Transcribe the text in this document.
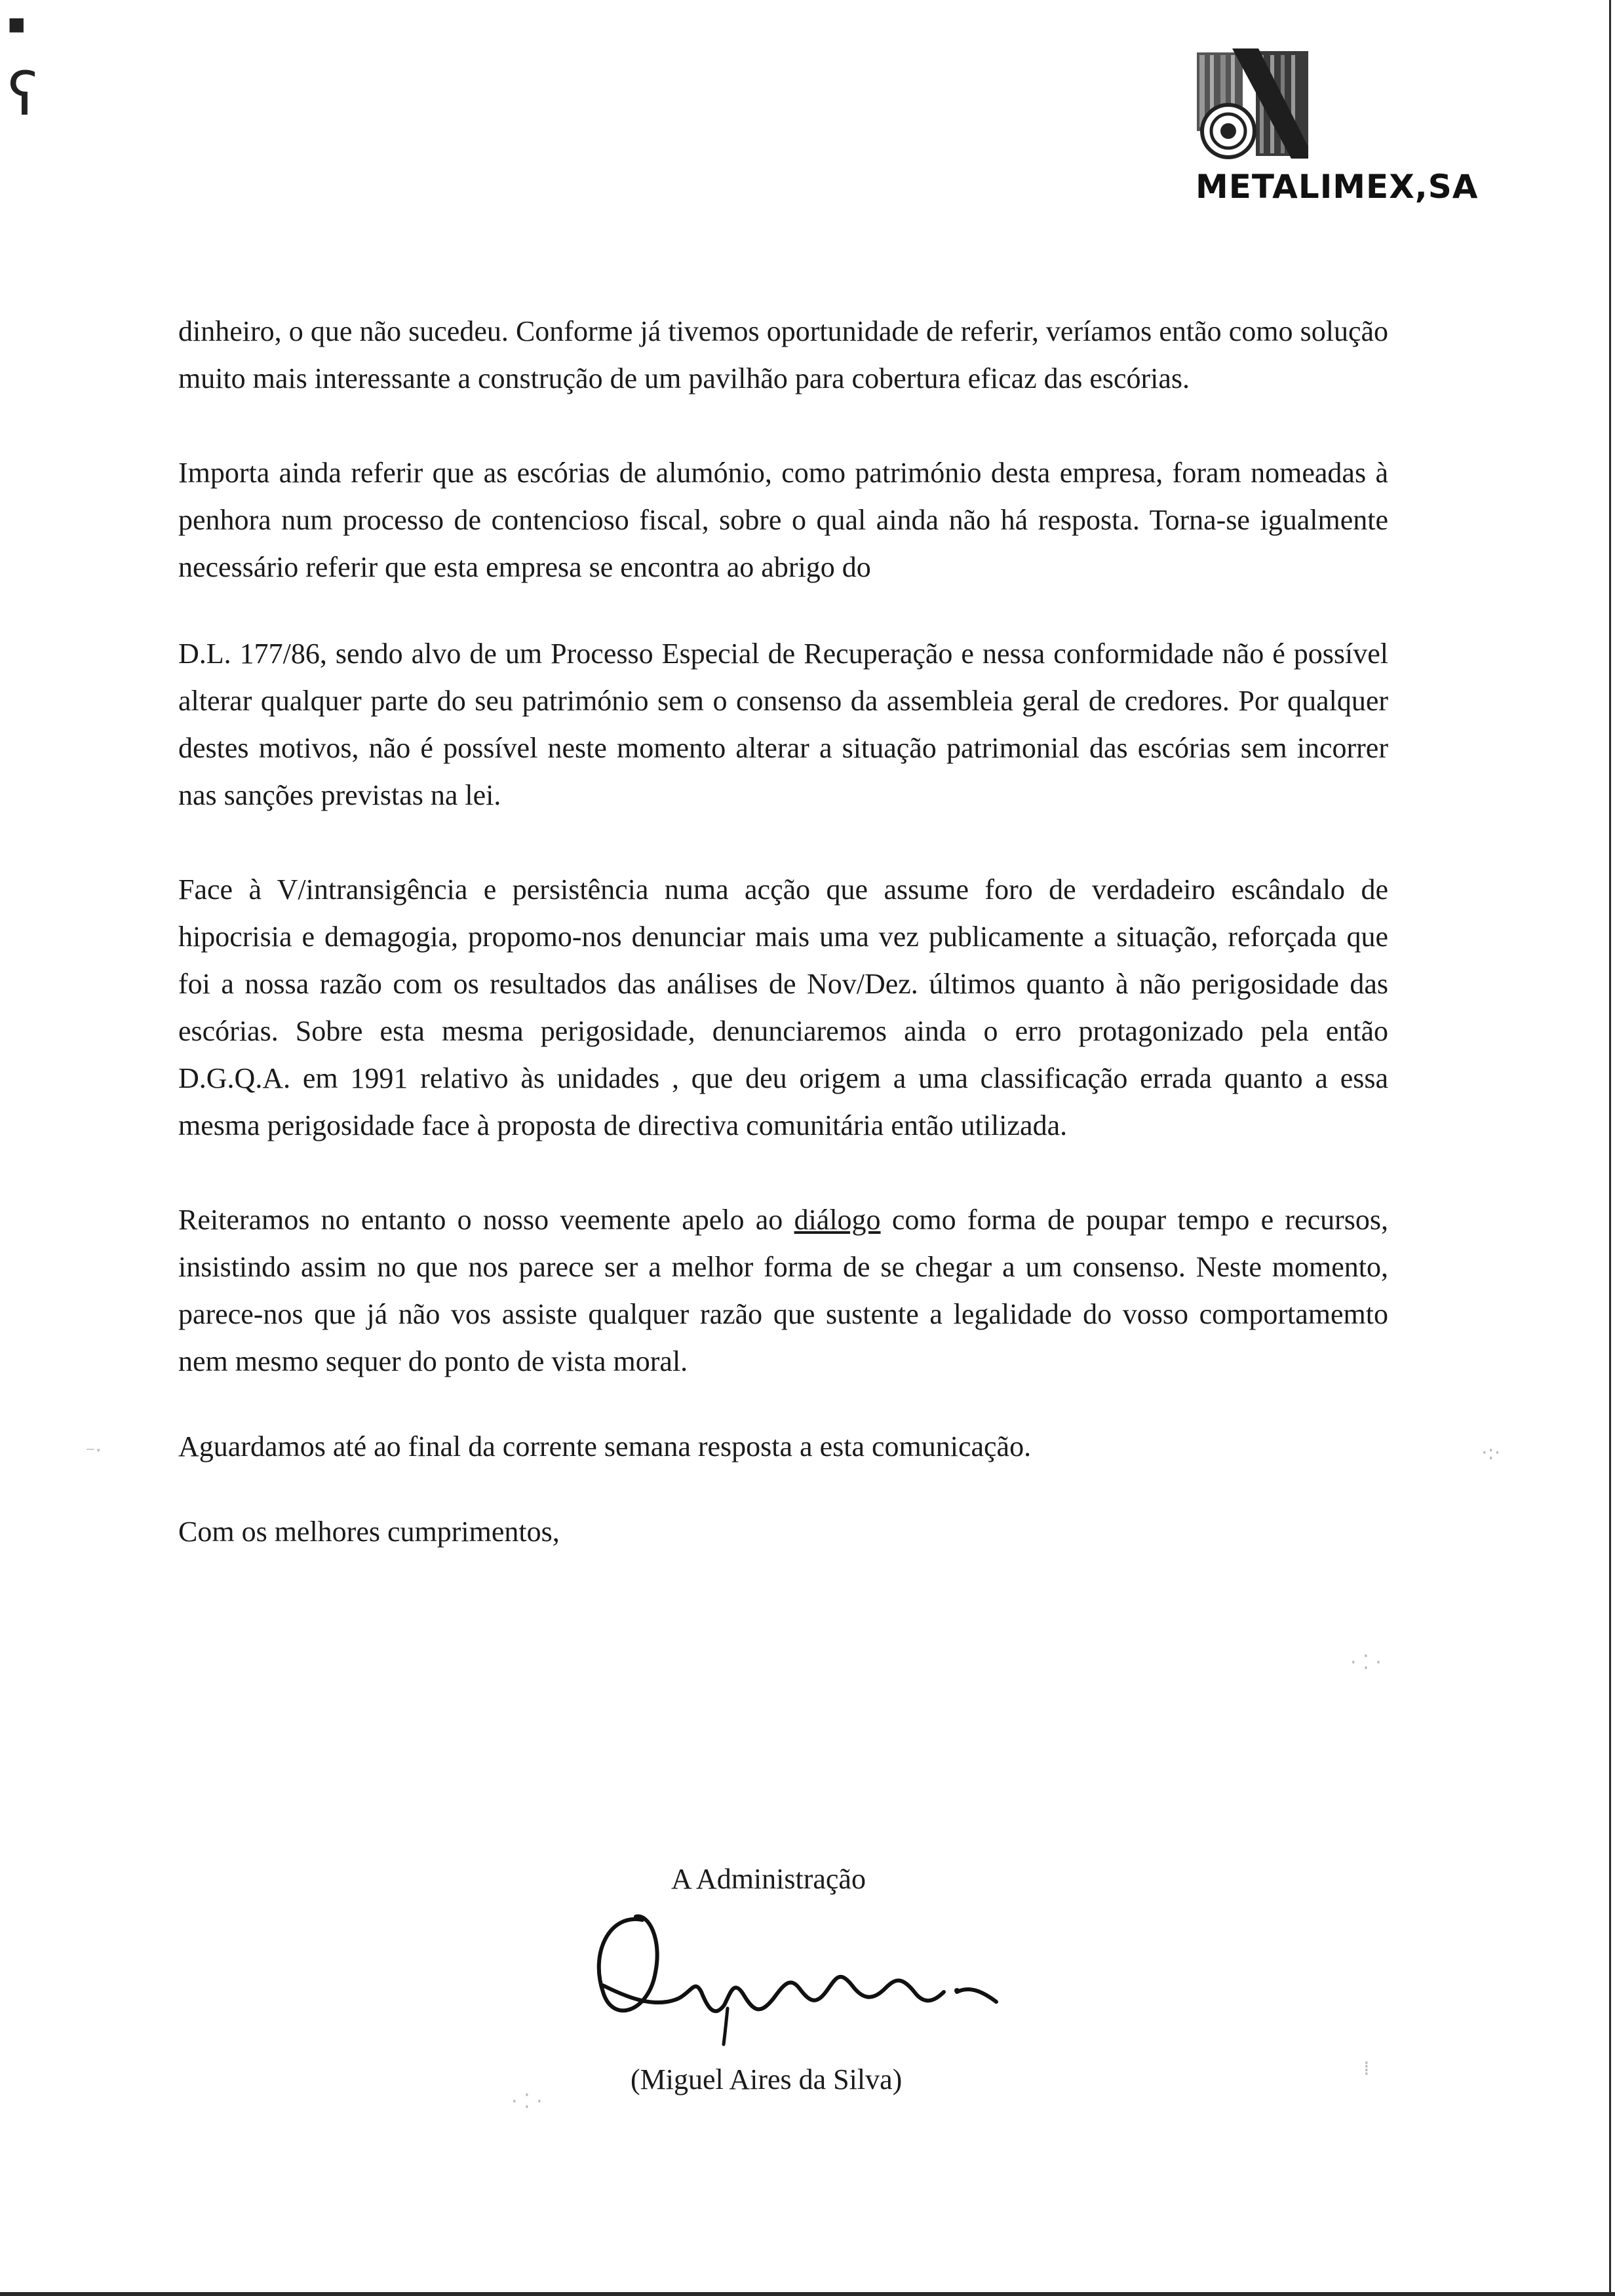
■
ʕ
METALIMEX,SA

dinheiro, o que não sucedeu. Conforme já tivemos oportunidade de referir, veríamos então como solução muito mais interessante a construção de um pavilhão para cobertura eficaz das escórias.

Importa ainda referir que as escórias de alumónio, como património desta empresa, foram nomeadas à penhora num processo de contencioso fiscal, sobre o qual ainda não há resposta. Torna-se igualmente necessário referir que esta empresa se encontra ao abrigo do

D.L. 177/86, sendo alvo de um Processo Especial de Recuperação e nessa conformidade não é possível alterar qualquer parte do seu património sem o consenso da assembleia geral de credores. Por qualquer destes motivos, não é possível neste momento alterar a situação patrimonial das escórias sem incorrer nas sanções previstas na lei.

Face à V/intransigência e persistência numa acção que assume foro de verdadeiro escândalo de hipocrisia e demagogia, propomo-nos denunciar mais uma vez publicamente a situação, reforçada que foi a nossa razão com os resultados das análises de Nov/Dez. últimos quanto à não perigosidade das escórias. Sobre esta mesma perigosidade, denunciaremos ainda o erro protagonizado pela então D.G.Q.A. em 1991 relativo às unidades , que deu origem a uma classificação errada quanto a essa mesma perigosidade face à proposta de directiva comunitária então utilizada.

Reiteramos no entanto o nosso veemente apelo ao diálogo como forma de poupar tempo e recursos, insistindo assim no que nos parece ser a melhor forma de se chegar a um consenso. Neste momento, parece-nos que já não vos assiste qualquer razão que sustente a legalidade do vosso comportamemto nem mesmo sequer do ponto de vista moral.

Aguardamos até ao final da corrente semana resposta a esta comunicação.

Com os melhores cumprimentos,

A Administração
(Miguel Aires da Silva)
⁻ˑ	·:·
· ⁚ ·
⁞
· ⁚ ·
